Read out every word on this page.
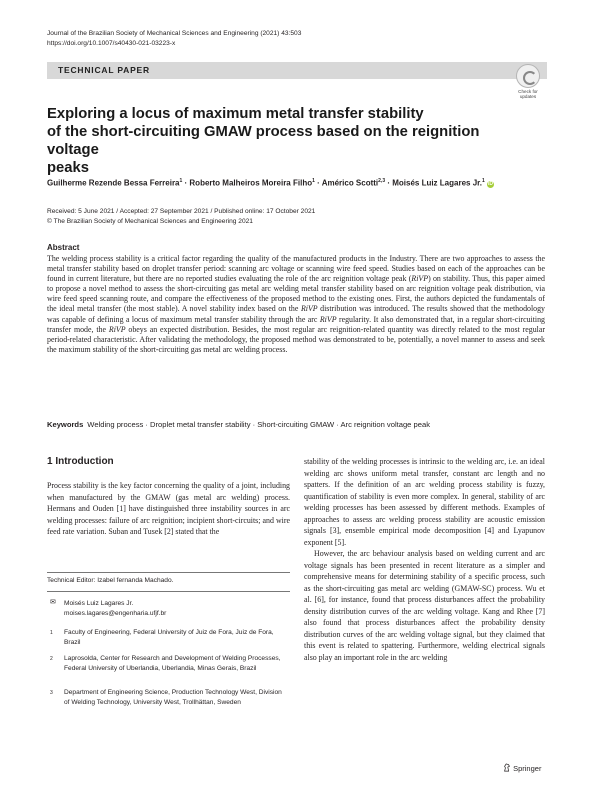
Journal of the Brazilian Society of Mechanical Sciences and Engineering (2021) 43:503
https://doi.org/10.1007/s40430-021-03223-x
TECHNICAL PAPER
Check for
updates
Exploring a locus of maximum metal transfer stability
of the short-circuiting GMAW process based on the reignition voltage
peaks
Guilherme Rezende Bessa Ferreira$^1$ · Roberto Malheiros Moreira Filho$^1$ · Américo Scotti$^{2,3}$ · Moisés Luiz Lagares Jr.$^1$ iD
Received: 5 June 2021 / Accepted: 27 September 2021 / Published online: 17 October 2021
© The Brazilian Society of Mechanical Sciences and Engineering 2021
Abstract
The welding process stability is a critical factor regarding the quality of the manufactured products in the Industry. There are two approaches to assess the metal transfer stability based on droplet transfer period: scanning arc voltage or scanning wire feed speed. Studies based on each of the approaches can be found in current literature, but there are no reported studies evaluating the role of the arc reignition voltage peak (RiVP) on stability. Thus, this paper aimed to propose a novel method to assess the short-circuiting gas metal arc welding metal transfer stability based on arc reignition voltage peak distribution, via wire feed speed scanning route, and compare the effectiveness of the proposed method to the existing ones. First, the authors depicted the fundamentals of the ideal metal transfer (the most stable). A novel stability index based on the RiVP distribution was introduced. The results showed that the methodology was capable of defining a locus of maximum metal transfer stability through the arc RiVP regularity. It also demonstrated that, in a regular short-circuiting transfer mode, the RiVP obeys an expected distribution. Besides, the most regular arc reignition-related quantity was directly related to the most regular period-related characteristic. After validating the methodology, the proposed method was demonstrated to be, potentially, a novel manner to assess and seek the maximum stability of the short-circuiting gas metal arc welding process.
Keywords Welding process · Droplet metal transfer stability · Short-circuiting GMAW · Arc reignition voltage peak
1 Introduction

Process stability is the key factor concerning the quality of a joint, including when manufactured by the GMAW (gas metal arc welding) process. Hermans and Ouden [1] have distinguished three instability sources in arc welding processes: failure of arc reignition; incipient short-circuits; and wire feed rate variation. Suban and Tusek [2] stated that the

stability of the welding processes is intrinsic to the welding arc, i.e. an ideal welding arc shows uniform metal transfer, constant arc length and no spatters. If the definition of an arc welding process stability is fuzzy, quantification of stability is even more complex. In general, stability of arc welding processes has been assessed by different methods. Examples of approaches to assess arc welding process stability are acoustic emission signals [3], ensemble empirical mode decomposition [4] and Lyapunov exponent [5].

However, the arc behaviour analysis based on welding current and arc voltage signals has been presented in recent literature as a simpler and comprehensive means for determining stability of a specific process, such as the short-circuiting gas metal arc welding (GMAW-SC) process. Wu et al. [6], for instance, found that process disturbances affect the probability density distribution curves of the arc welding voltage. Kang and Rhee [7] also found that process disturbances affect the probability density distribution curves of the arc welding voltage signal, but they claimed that this event is related to spattering. Furthermore, welding electrical signals also play an important role in the arc welding

Technical Editor: Izabel fernanda Machado.
✉ Moisés Luiz Lagares Jr.
moises.lagares@engenharia.ufjf.br
1 Faculty of Engineering, Federal University of Juiz de Fora, Juiz de Fora, Brazil
2 Laprosolda, Center for Research and Development of Welding Processes, Federal University of Uberlandia, Uberlandia, Minas Gerais, Brazil
3 Department of Engineering Science, Production Technology West, Division of Welding Technology, University West, Trollhättan, Sweden
Springer
